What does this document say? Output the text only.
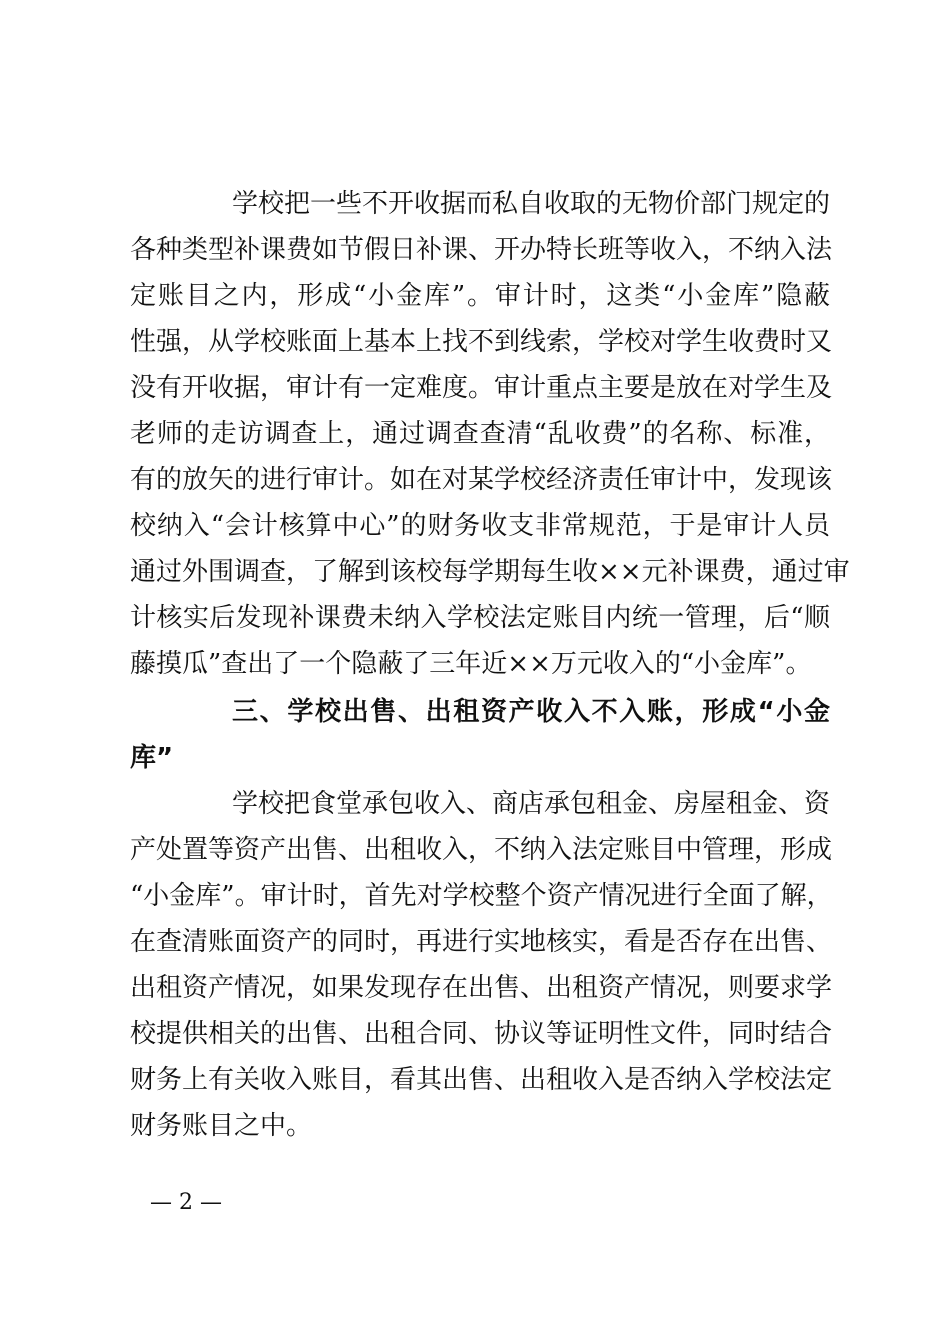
学校把一些不开收据而私自收取的无物价部门规定的
各种类型补课费如节假日补课、开办特长班等收入，不纳入法
定账目之内，形成“小金库”。审计时，这类“小金库”隐蔽
性强，从学校账面上基本上找不到线索，学校对学生收费时又
没有开收据，审计有一定难度。审计重点主要是放在对学生及
老师的走访调查上，通过调查查清“乱收费”的名称、标准，
有的放矢的进行审计。如在对某学校经济责任审计中，发现该
校纳入“会计核算中心”的财务收支非常规范，于是审计人员
通过外围调查，了解到该校每学期每生收××元补课费，通过审
计核实后发现补课费未纳入学校法定账目内统一管理，后“顺
藤摸瓜”查出了一个隐蔽了三年近××万元收入的“小金库”。
三、学校出售、出租资产收入不入账，形成“小金
库”
学校把食堂承包收入、商店承包租金、房屋租金、资
产处置等资产出售、出租收入，不纳入法定账目中管理，形成
“小金库”。审计时，首先对学校整个资产情况进行全面了解，
在查清账面资产的同时，再进行实地核实，看是否存在出售、
出租资产情况，如果发现存在出售、出租资产情况，则要求学
校提供相关的出售、出租合同、协议等证明性文件，同时结合
财务上有关收入账目，看其出售、出租收入是否纳入学校法定
财务账目之中。
— 2 —
